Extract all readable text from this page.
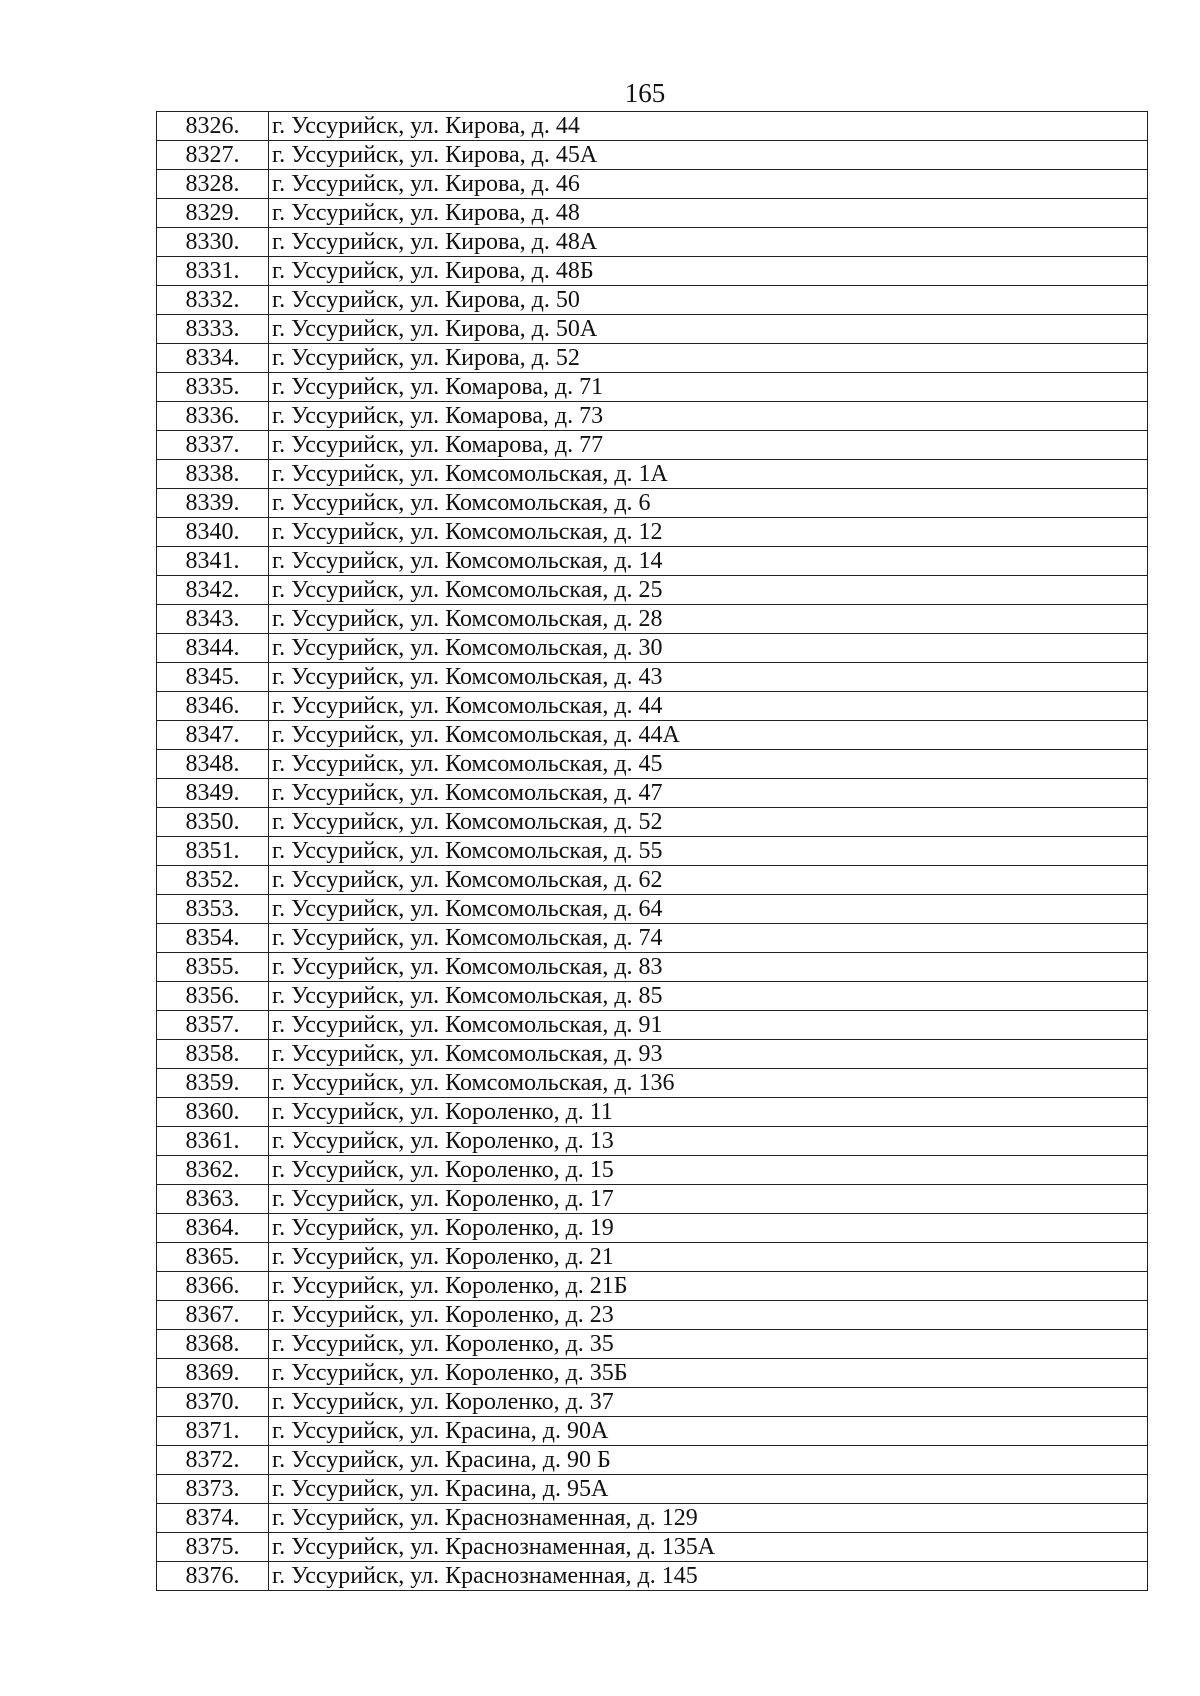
165
8326.	г. Уссурийск, ул. Кирова, д. 44
8327.	г. Уссурийск, ул. Кирова, д. 45А
8328.	г. Уссурийск, ул. Кирова, д. 46
8329.	г. Уссурийск, ул. Кирова, д. 48
8330.	г. Уссурийск, ул. Кирова, д. 48А
8331.	г. Уссурийск, ул. Кирова, д. 48Б
8332.	г. Уссурийск, ул. Кирова, д. 50
8333.	г. Уссурийск, ул. Кирова, д. 50А
8334.	г. Уссурийск, ул. Кирова, д. 52
8335.	г. Уссурийск, ул. Комарова, д. 71
8336.	г. Уссурийск, ул. Комарова, д. 73
8337.	г. Уссурийск, ул. Комарова, д. 77
8338.	г. Уссурийск, ул. Комсомольская, д. 1А
8339.	г. Уссурийск, ул. Комсомольская, д. 6
8340.	г. Уссурийск, ул. Комсомольская, д. 12
8341.	г. Уссурийск, ул. Комсомольская, д. 14
8342.	г. Уссурийск, ул. Комсомольская, д. 25
8343.	г. Уссурийск, ул. Комсомольская, д. 28
8344.	г. Уссурийск, ул. Комсомольская, д. 30
8345.	г. Уссурийск, ул. Комсомольская, д. 43
8346.	г. Уссурийск, ул. Комсомольская, д. 44
8347.	г. Уссурийск, ул. Комсомольская, д. 44А
8348.	г. Уссурийск, ул. Комсомольская, д. 45
8349.	г. Уссурийск, ул. Комсомольская, д. 47
8350.	г. Уссурийск, ул. Комсомольская, д. 52
8351.	г. Уссурийск, ул. Комсомольская, д. 55
8352.	г. Уссурийск, ул. Комсомольская, д. 62
8353.	г. Уссурийск, ул. Комсомольская, д. 64
8354.	г. Уссурийск, ул. Комсомольская, д. 74
8355.	г. Уссурийск, ул. Комсомольская, д. 83
8356.	г. Уссурийск, ул. Комсомольская, д. 85
8357.	г. Уссурийск, ул. Комсомольская, д. 91
8358.	г. Уссурийск, ул. Комсомольская, д. 93
8359.	г. Уссурийск, ул. Комсомольская, д. 136
8360.	г. Уссурийск, ул. Короленко, д. 11
8361.	г. Уссурийск, ул. Короленко, д. 13
8362.	г. Уссурийск, ул. Короленко, д. 15
8363.	г. Уссурийск, ул. Короленко, д. 17
8364.	г. Уссурийск, ул. Короленко, д. 19
8365.	г. Уссурийск, ул. Короленко, д. 21
8366.	г. Уссурийск, ул. Короленко, д. 21Б
8367.	г. Уссурийск, ул. Короленко, д. 23
8368.	г. Уссурийск, ул. Короленко, д. 35
8369.	г. Уссурийск, ул. Короленко, д. 35Б
8370.	г. Уссурийск, ул. Короленко, д. 37
8371.	г. Уссурийск, ул. Красина, д. 90А
8372.	г. Уссурийск, ул. Красина, д. 90 Б
8373.	г. Уссурийск, ул. Красина, д. 95А
8374.	г. Уссурийск, ул. Краснознаменная, д. 129
8375.	г. Уссурийск, ул. Краснознаменная, д. 135А
8376.	г. Уссурийск, ул. Краснознаменная, д. 145
